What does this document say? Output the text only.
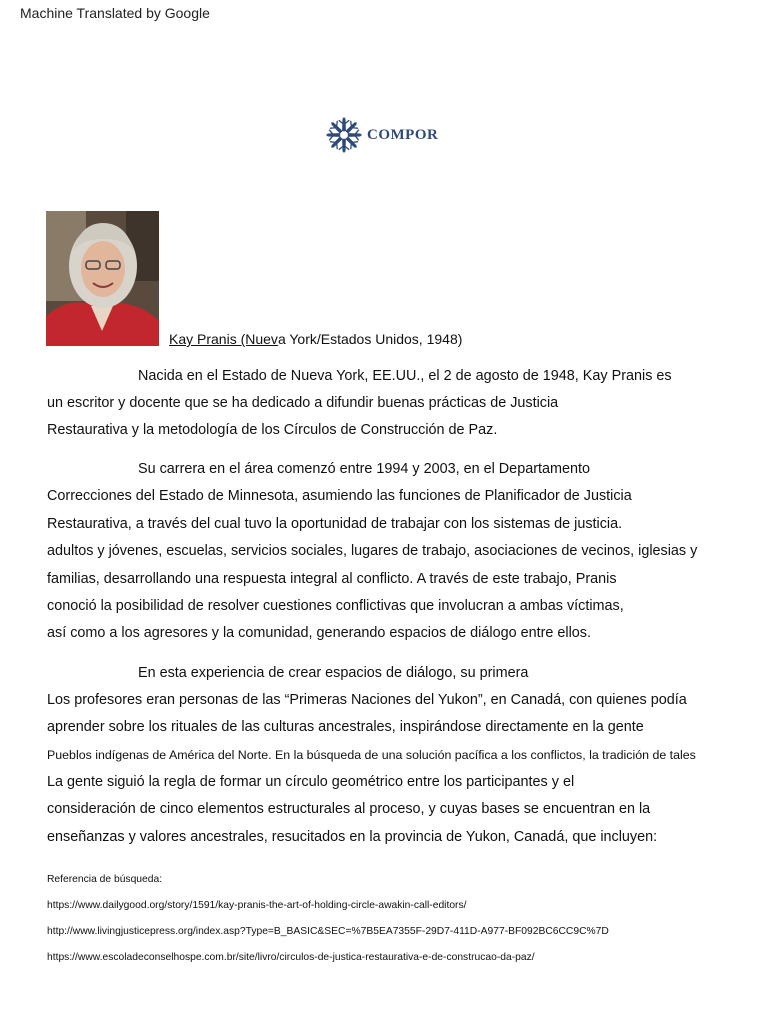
Machine Translated by Google
COMPOR
Kay Pranis (Nueva York/Estados Unidos, 1948)
Nacida en el Estado de Nueva York, EE.UU., el 2 de agosto de 1948, Kay Pranis es
un escritor y docente que se ha dedicado a difundir buenas prácticas de Justicia
Restaurativa y la metodología de los Círculos de Construcción de Paz.
Su carrera en el área comenzó entre 1994 y 2003, en el Departamento
Correcciones del Estado de Minnesota, asumiendo las funciones de Planificador de Justicia
Restaurativa, a través del cual tuvo la oportunidad de trabajar con los sistemas de justicia.
adultos y jóvenes, escuelas, servicios sociales, lugares de trabajo, asociaciones de vecinos, iglesias y
familias, desarrollando una respuesta integral al conflicto. A través de este trabajo, Pranis
conoció la posibilidad de resolver cuestiones conflictivas que involucran a ambas víctimas,
así como a los agresores y la comunidad, generando espacios de diálogo entre ellos.
En esta experiencia de crear espacios de diálogo, su primera
Los profesores eran personas de las “Primeras Naciones del Yukon”, en Canadá, con quienes podía
aprender sobre los rituales de las culturas ancestrales, inspirándose directamente en la gente
Pueblos indígenas de América del Norte. En la búsqueda de una solución pacífica a los conflictos, la tradición de tales
La gente siguió la regla de formar un círculo geométrico entre los participantes y el
consideración de cinco elementos estructurales al proceso, y cuyas bases se encuentran en la
enseñanzas y valores ancestrales, resucitados en la provincia de Yukon, Canadá, que incluyen:
Referencia de búsqueda:
https://www.dailygood.org/story/1591/kay-pranis-the-art-of-holding-circle-awakin-call-editors/
http://www.livingjusticepress.org/index.asp?Type=B_BASIC&SEC=%7B5EA7355F-29D7-411D-A977-BF092BC6CC9C%7D
https://www.escoladeconselhospe.com.br/site/livro/circulos-de-justica-restaurativa-e-de-construcao-da-paz/
